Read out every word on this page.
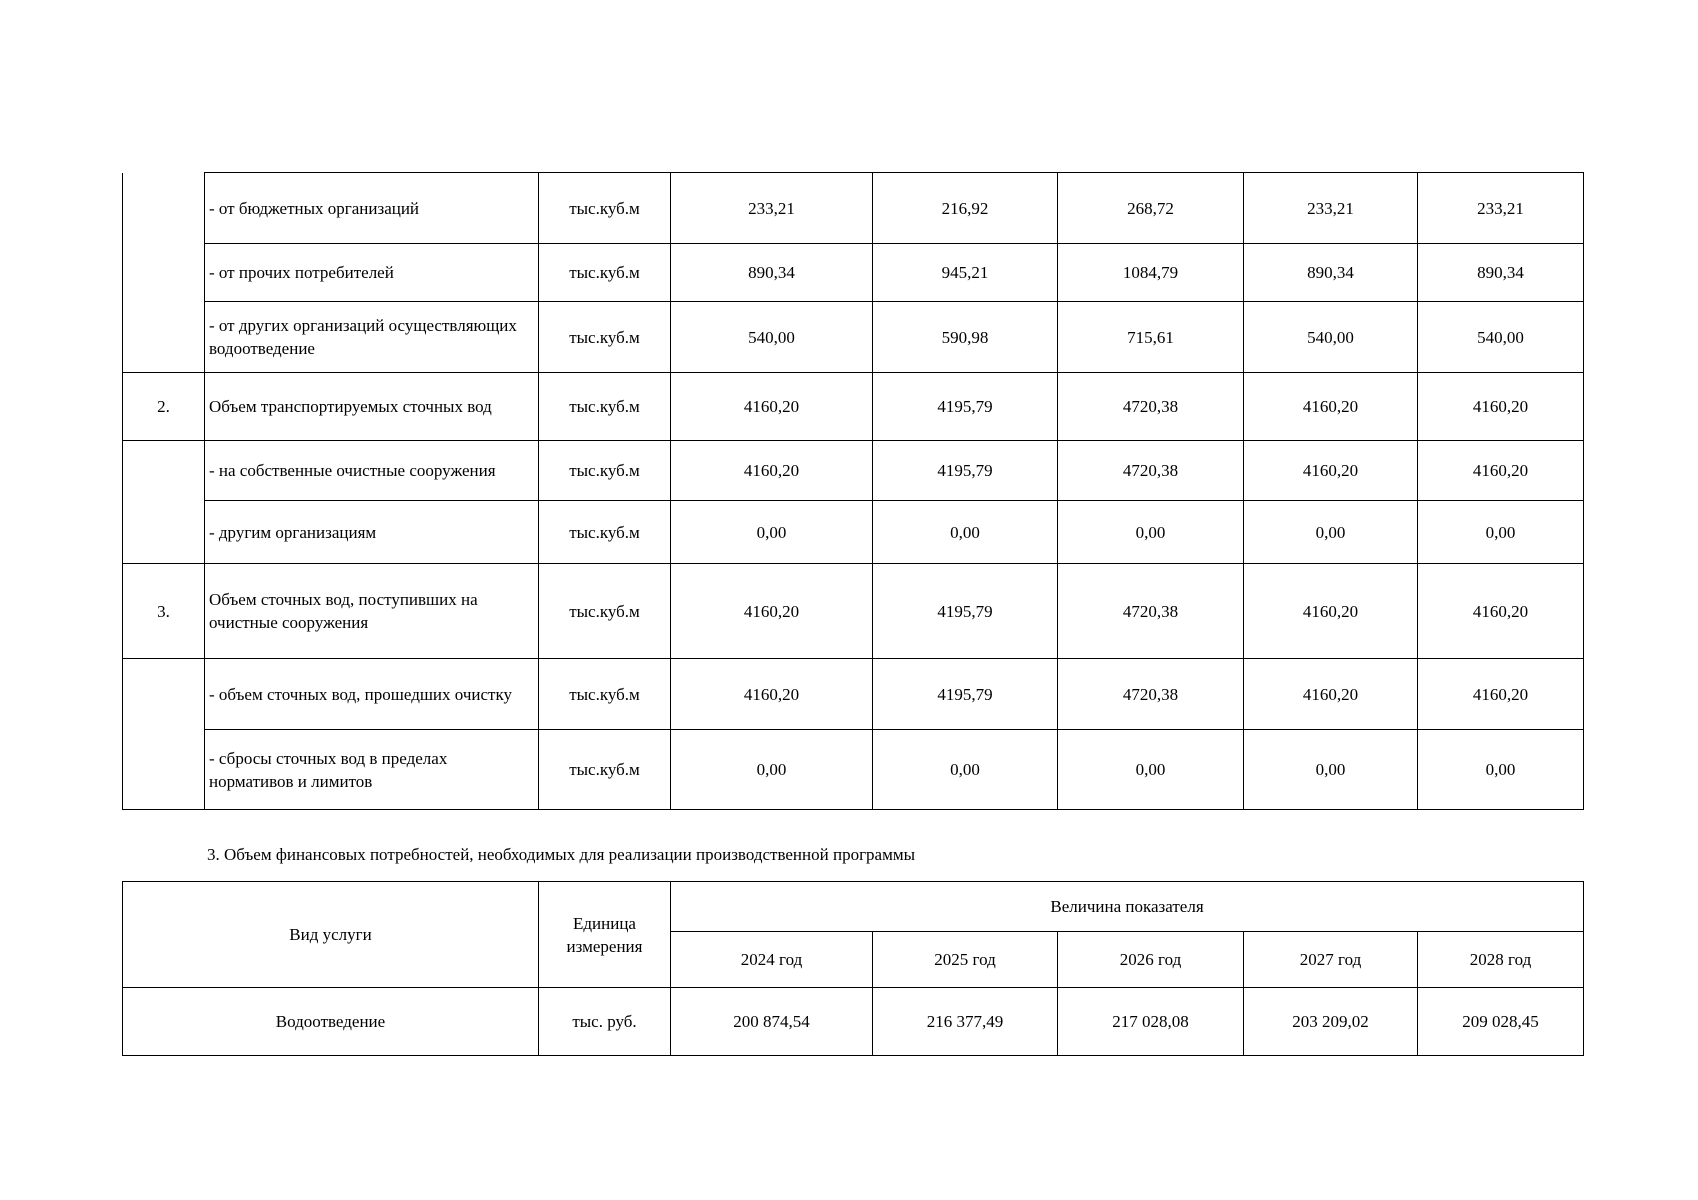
	- от бюджетных организаций	тыс.куб.м	233,21	216,92	268,72	233,21	233,21
	- от прочих потребителей	тыс.куб.м	890,34	945,21	1084,79	890,34	890,34
	- от других организаций осуществляющих водоотведение	тыс.куб.м	540,00	590,98	715,61	540,00	540,00
2.	Объем транспортируемых сточных вод	тыс.куб.м	4160,20	4195,79	4720,38	4160,20	4160,20
	- на собственные очистные сооружения	тыс.куб.м	4160,20	4195,79	4720,38	4160,20	4160,20
	- другим организациям	тыс.куб.м	0,00	0,00	0,00	0,00	0,00
3.	Объем сточных вод, поступивших на очистные сооружения	тыс.куб.м	4160,20	4195,79	4720,38	4160,20	4160,20
	- объем сточных вод, прошедших очистку	тыс.куб.м	4160,20	4195,79	4720,38	4160,20	4160,20
	- сбросы сточных вод в пределах нормативов и лимитов	тыс.куб.м	0,00	0,00	0,00	0,00	0,00
3. Объем финансовых потребностей, необходимых для реализации производственной программы
Вид услуги	Единица измерения	Величина показателя				
		2024 год	2025 год	2026 год	2027 год	2028 год
Водоотведение	тыс. руб.	200 874,54	216 377,49	217 028,08	203 209,02	209 028,45
